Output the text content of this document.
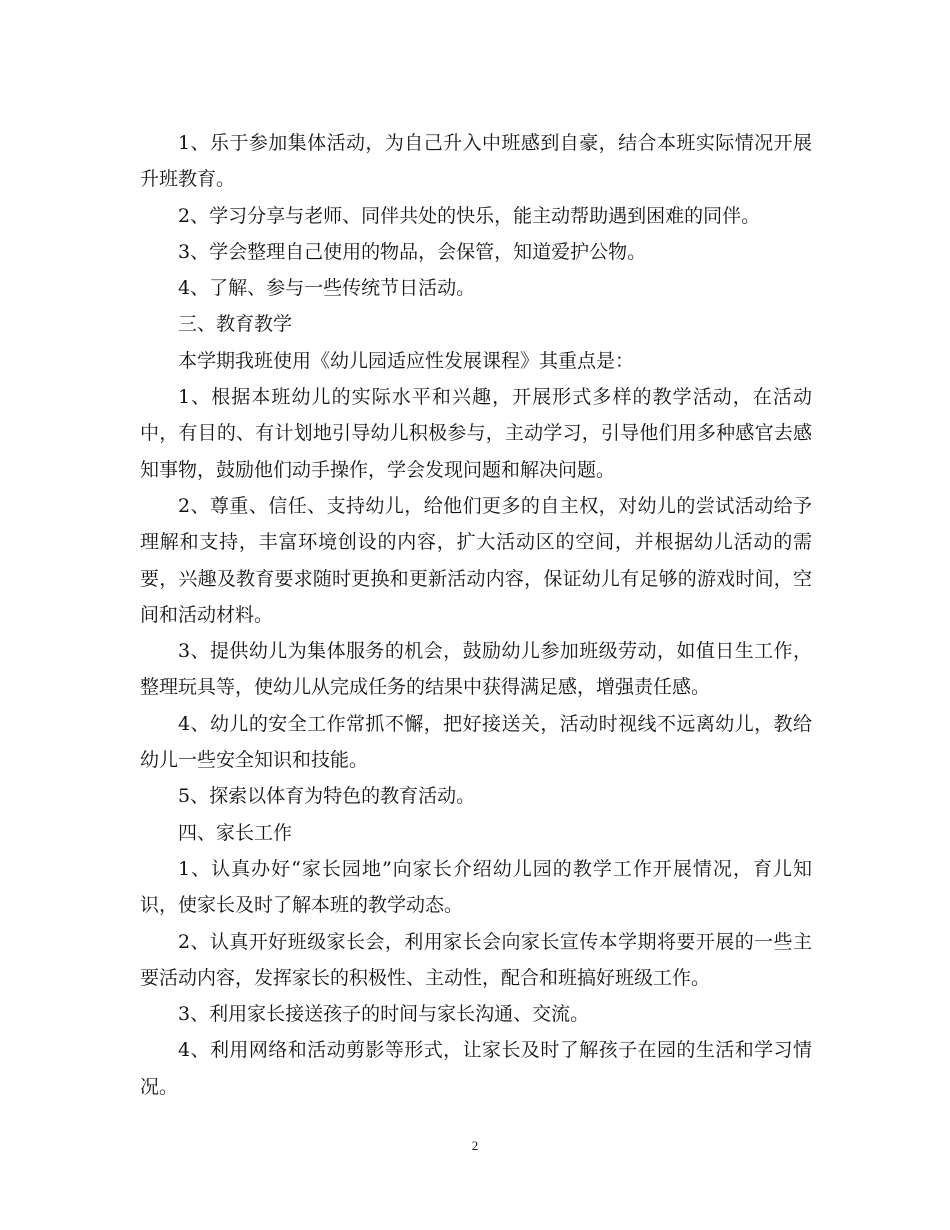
1、乐于参加集体活动，为自己升入中班感到自豪，结合本班实际情况开展升班教育。

2、学习分享与老师、同伴共处的快乐，能主动帮助遇到困难的同伴。

3、学会整理自己使用的物品，会保管，知道爱护公物。

4、了解、参与一些传统节日活动。

三、教育教学

本学期我班使用《幼儿园适应性发展课程》其重点是：

1、根据本班幼儿的实际水平和兴趣，开展形式多样的教学活动，在活动中，有目的、有计划地引导幼儿积极参与，主动学习，引导他们用多种感官去感知事物，鼓励他们动手操作，学会发现问题和解决问题。

2、尊重、信任、支持幼儿，给他们更多的自主权，对幼儿的尝试活动给予理解和支持，丰富环境创设的内容，扩大活动区的空间，并根据幼儿活动的需要，兴趣及教育要求随时更换和更新活动内容，保证幼儿有足够的游戏时间，空间和活动材料。

3、提供幼儿为集体服务的机会，鼓励幼儿参加班级劳动，如值日生工作，整理玩具等，使幼儿从完成任务的结果中获得满足感，增强责任感。

4、幼儿的安全工作常抓不懈，把好接送关，活动时视线不远离幼儿，教给幼儿一些安全知识和技能。

5、探索以体育为特色的教育活动。

四、家长工作

1、认真办好“家长园地”向家长介绍幼儿园的教学工作开展情况，育儿知识，使家长及时了解本班的教学动态。

2、认真开好班级家长会，利用家长会向家长宣传本学期将要开展的一些主要活动内容，发挥家长的积极性、主动性，配合和班搞好班级工作。

3、利用家长接送孩子的时间与家长沟通、交流。

4、利用网络和活动剪影等形式，让家长及时了解孩子在园的生活和学习情况。

2
